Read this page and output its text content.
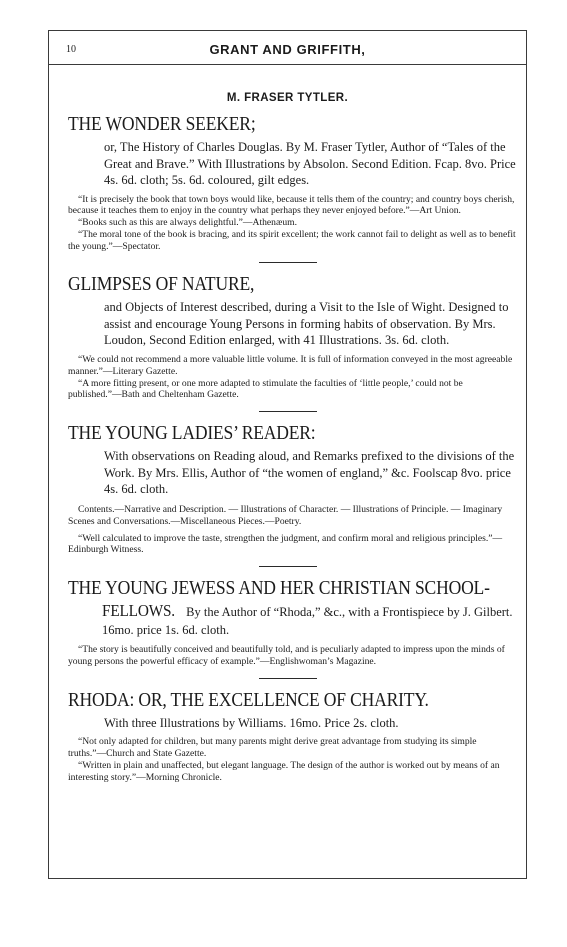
10	GRANT AND GRIFFITH,
M. FRASER TYTLER.
THE WONDER SEEKER;
or, The History of Charles Douglas. By M. Fraser Tytler, Author of “Tales of the Great and Brave.” With Illustrations by Absolon. Second Edition. Fcap. 8vo. Price 4s. 6d. cloth; 5s. 6d. coloured, gilt edges.

“It is precisely the book that town boys would like, because it tells them of the country; and country boys cherish, because it teaches them to enjoy in the country what perhaps they never enjoyed before.”—Art Union.

“Books such as this are always delightful.”—Athenæum.

“The moral tone of the book is bracing, and its spirit excellent; the work cannot fail to delight as well as to benefit the young.”—Spectator.

GLIMPSES OF NATURE,
and Objects of Interest described, during a Visit to the Isle of Wight. Designed to assist and encourage Young Persons in forming habits of observation. By Mrs. Loudon, Second Edition enlarged, with 41 Illustrations. 3s. 6d. cloth.

“We could not recommend a more valuable little volume. It is full of information conveyed in the most agreeable manner.”—Literary Gazette.

“A more fitting present, or one more adapted to stimulate the faculties of ‘little people,’ could not be published.”—Bath and Cheltenham Gazette.

THE YOUNG LADIES’ READER:
With observations on Reading aloud, and Remarks prefixed to the divisions of the Work. By Mrs. Ellis, Author of “the women of england,” &c. Foolscap 8vo. price 4s. 6d. cloth.
Contents.—Narrative and Description. — Illustrations of Character. — Illustrations of Principle. — Imaginary Scenes and Conversations.—Miscellaneous Pieces.—Poetry.

“Well calculated to improve the taste, strengthen the judgment, and confirm moral and religious principles.”—Edinburgh Witness.

THE YOUNG JEWESS AND HER CHRISTIAN SCHOOL-
FELLOWS. By the Author of “Rhoda,” &c., with a Frontispiece by J. Gilbert. 16mo. price 1s. 6d. cloth.

“The story is beautifully conceived and beautifully told, and is peculiarly adapted to impress upon the minds of young persons the powerful efficacy of example.”—Englishwoman’s Magazine.

RHODA: OR, THE EXCELLENCE OF CHARITY.
With three Illustrations by Williams. 16mo. Price 2s. cloth.

“Not only adapted for children, but many parents might derive great advantage from studying its simple truths.”—Church and State Gazette.

“Written in plain and unaffected, but elegant language. The design of the author is worked out by means of an interesting story.”—Morning Chronicle.
